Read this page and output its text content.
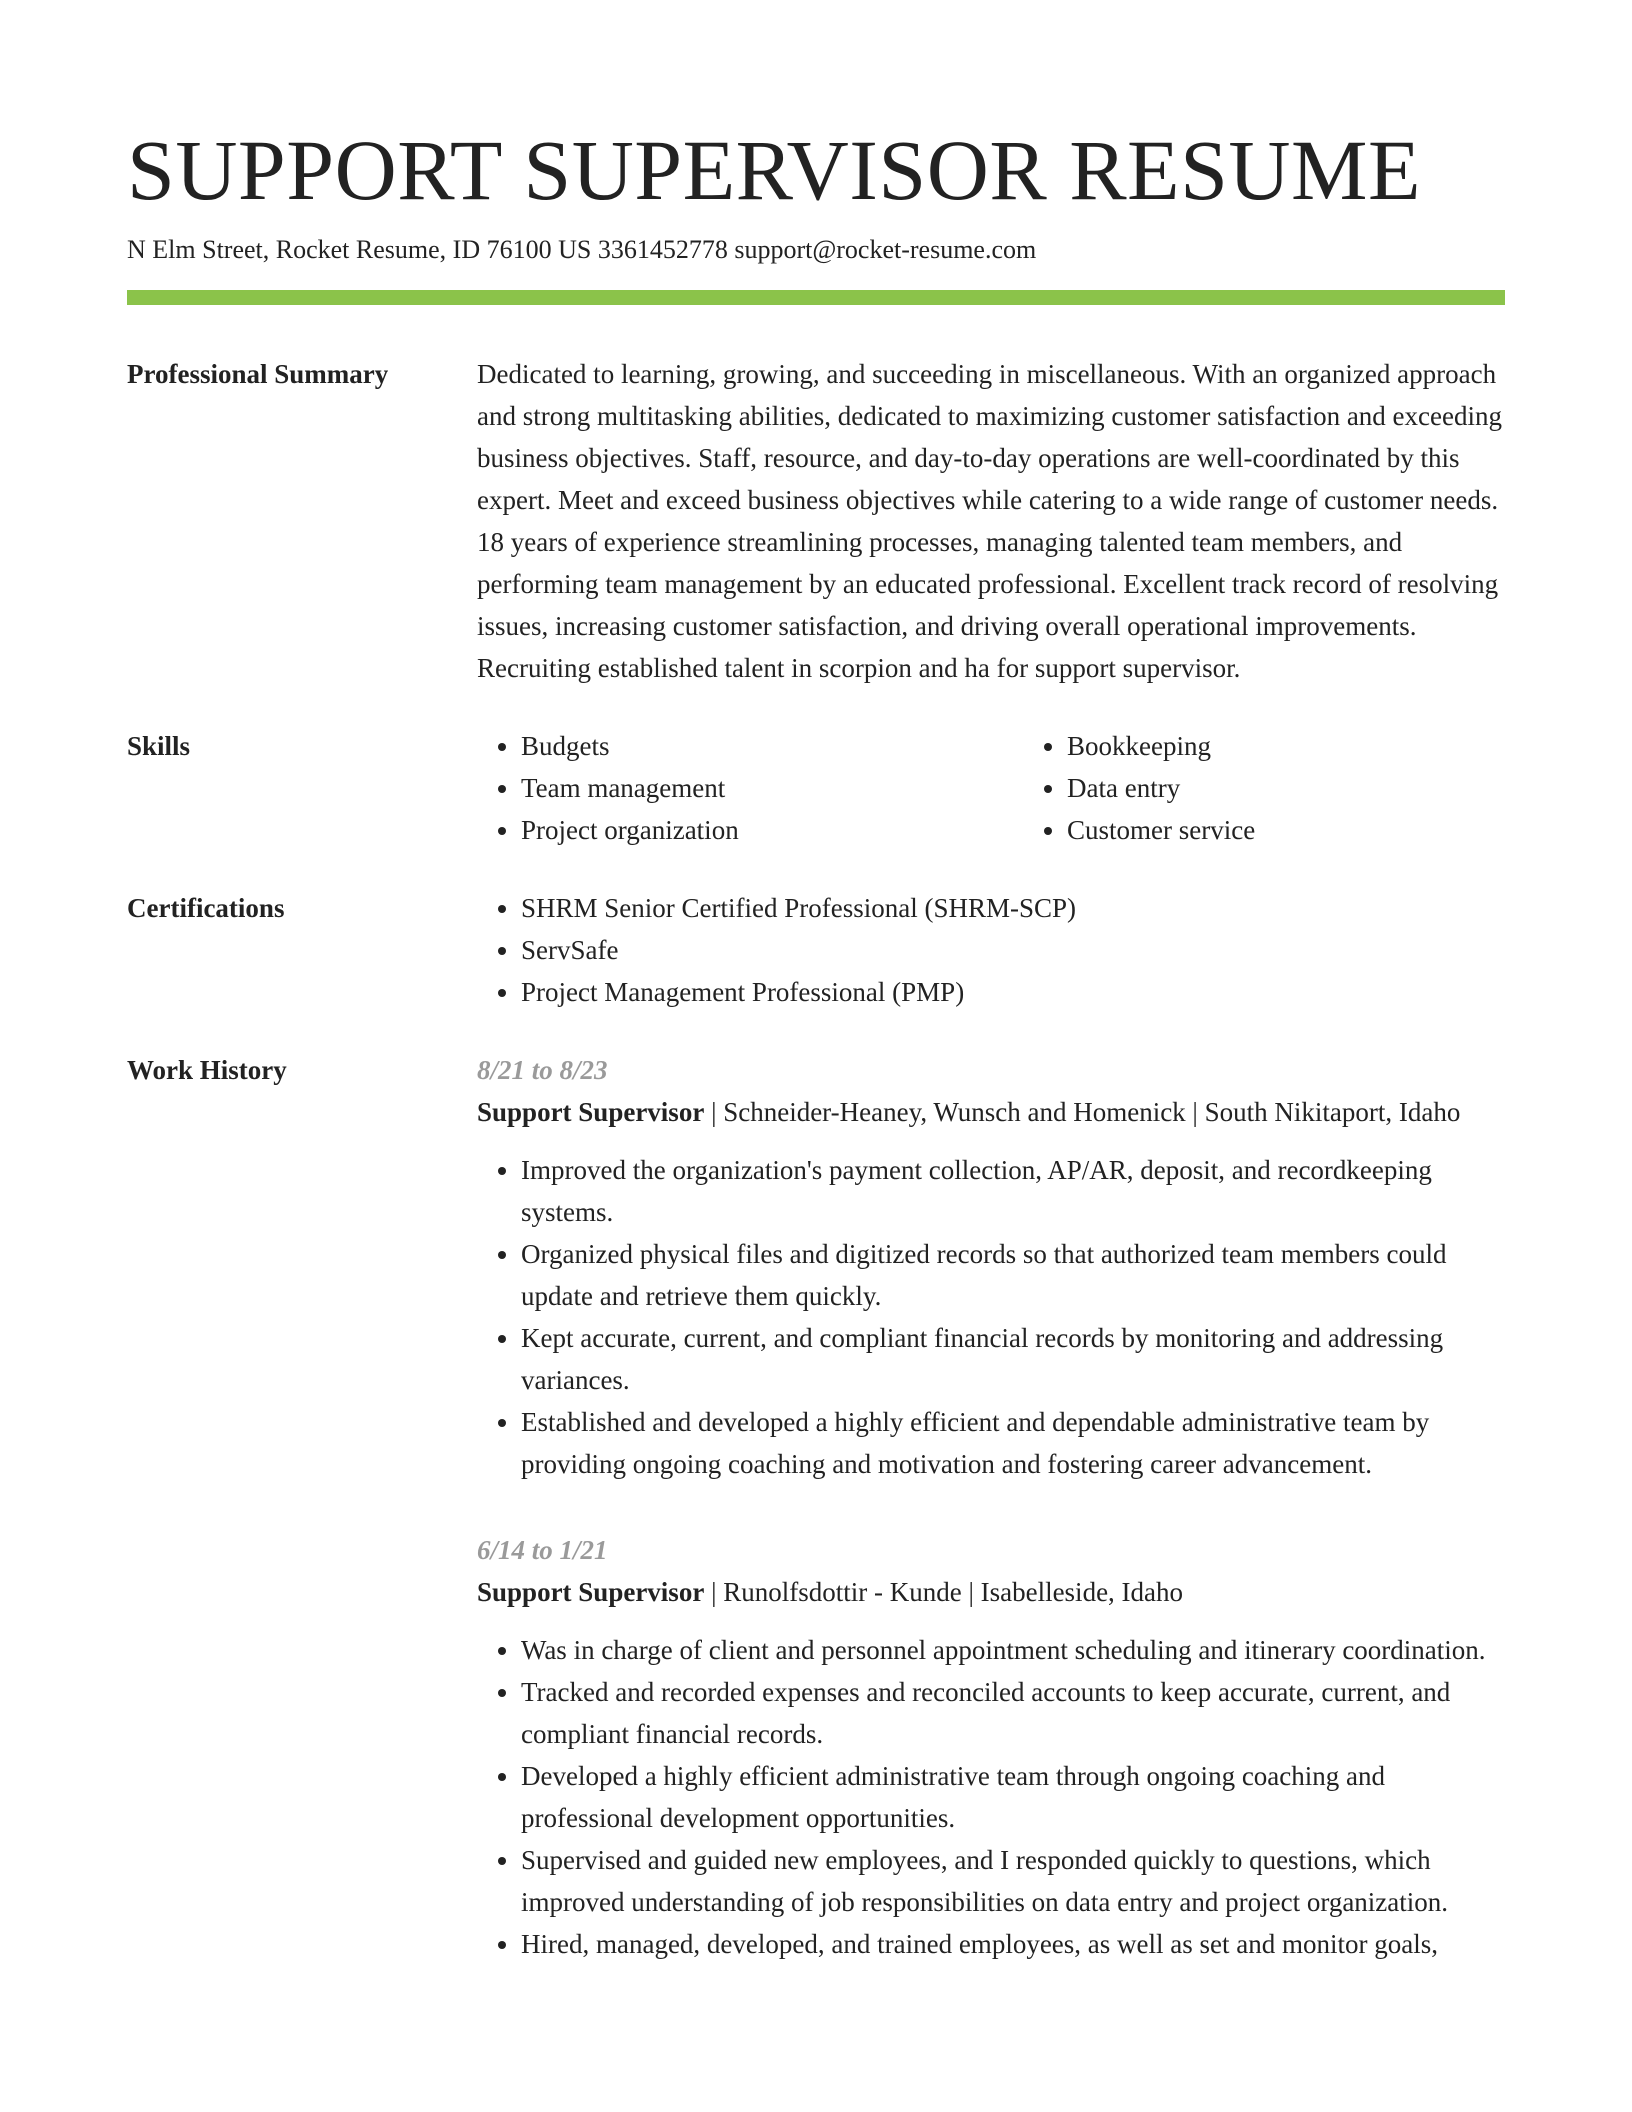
SUPPORT SUPERVISOR RESUME
N Elm Street, Rocket Resume, ID 76100 US 3361452778 support@rocket-resume.com
Professional Summary	Dedicated to learning, growing, and succeeding in miscellaneous. With an organized approach and strong multitasking abilities, dedicated to maximizing customer satisfaction and exceeding business objectives. Staff, resource, and day-to-day operations are well-coordinated by this expert. Meet and exceed business objectives while catering to a wide range of customer needs. 18 years of experience streamlining processes, managing talented team members, and performing team management by an educated professional. Excellent track record of resolving issues, increasing customer satisfaction, and driving overall operational improvements. Recruiting established talent in scorpion and ha for support supervisor.

Skills	• Budgets
• Team management
• Project organization
• Bookkeeping
• Data entry
• Customer service
Certifications	• SHRM Senior Certified Professional (SHRM-SCP)
• ServSafe
• Project Management Professional (PMP)
Work History	8/21 to 8/23
Support Supervisor | Schneider-Heaney, Wunsch and Homenick | South Nikitaport, Idaho
• Improved the organization's payment collection, AP/AR, deposit, and recordkeeping systems.
• Organized physical files and digitized records so that authorized team members could update and retrieve them quickly.
• Kept accurate, current, and compliant financial records by monitoring and addressing variances.
• Established and developed a highly efficient and dependable administrative team by providing ongoing coaching and motivation and fostering career advancement.
6/14 to 1/21
Support Supervisor | Runolfsdottir - Kunde | Isabelleside, Idaho
• Was in charge of client and personnel appointment scheduling and itinerary coordination.
• Tracked and recorded expenses and reconciled accounts to keep accurate, current, and compliant financial records.
• Developed a highly efficient administrative team through ongoing coaching and professional development opportunities.
• Supervised and guided new employees, and I responded quickly to questions, which improved understanding of job responsibilities on data entry and project organization.
• Hired, managed, developed, and trained employees, as well as set and monitor goals,
